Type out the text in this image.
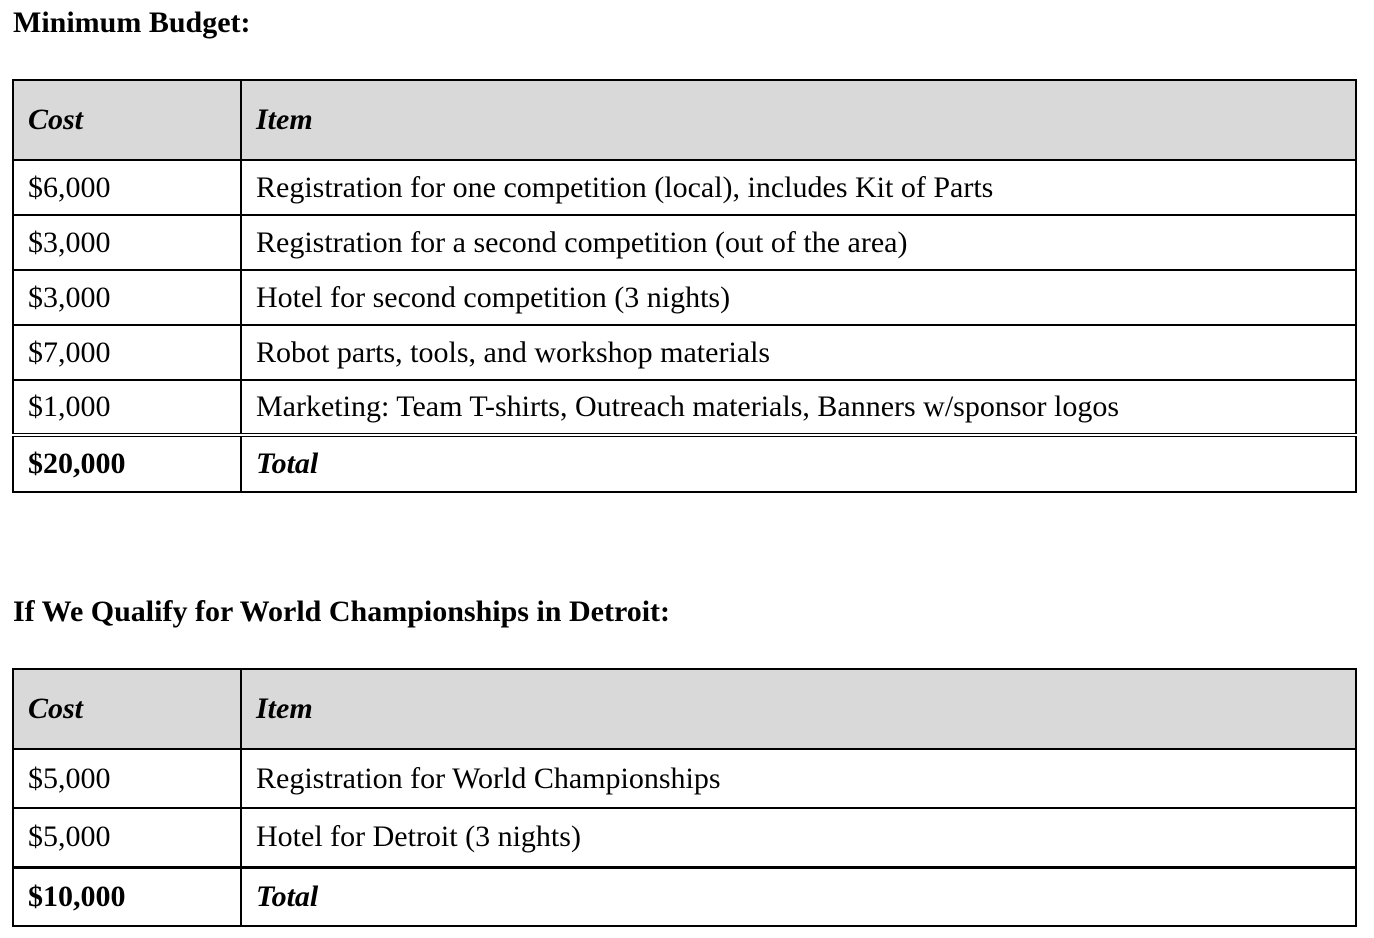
Minimum Budget:
Cost	Item
$6,000	Registration for one competition (local), includes Kit of Parts
$3,000	Registration for a second competition (out of the area)
$3,000	Hotel for second competition (3 nights)
$7,000	Robot parts, tools, and workshop materials
$1,000	Marketing: Team T-shirts, Outreach materials, Banners w/sponsor logos
$20,000	Total
If We Qualify for World Championships in Detroit:
Cost	Item
$5,000	Registration for World Championships
$5,000	Hotel for Detroit (3 nights)
$10,000	Total
